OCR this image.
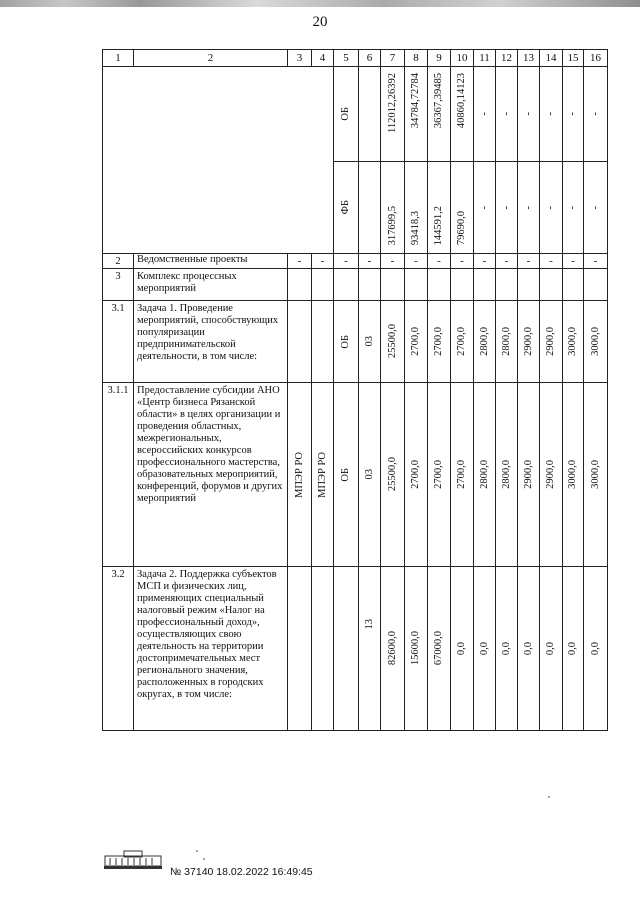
20
1	2	3	4	5	6	7	8	9	10	11	12	13	14	15	16

				ОБ		112012,26392	34784,72784	36367,39485	40860,14123	-	-	-	-	-	-

				ФБ		317699,5	93418,3	144591,2	79690,0	-	-	-	-	-	-

2	Ведомственные проекты	-	-	-	-	-	-	-	-	-	-	-	-	-	-
3	Комплекс процессных мероприятий														
3.1	Задача 1. Проведение мероприятий, способствующих популяризации предпринимательской деятельности, в том числе:			ОБ	03	25500,0	2700,0	2700,0	2700,0	2800,0	2800,0	2900,0	2900,0	3000,0	3000,0

3.1.1	Предоставление субсидии АНО «Центр бизнеса Рязанской области» в целях организации и проведения областных, межрегиональных, всероссийских конкурсов профессионального мастерства, образовательных мероприятий, конференций, форумов и других мероприятий	МПЭР РО	МПЭР РО	ОБ	03	25500,0	2700,0	2700,0	2700,0	2800,0	2800,0	2900,0	2900,0	3000,0	3000,0

3.2	Задача 2. Поддержка субъектов МСП и физических лиц, применяющих специальный налоговый режим «Налог на профессиональный доход», осуществляющих свою деятельность на территории достопримечательных мест регионального значения, расположенных в городских округах, в том числе:				13	82600,0	15600,0	67000,0	0,0	0,0	0,0	0,0	0,0	0,0	0,0
№ 37140 18.02.2022 16:49:45
